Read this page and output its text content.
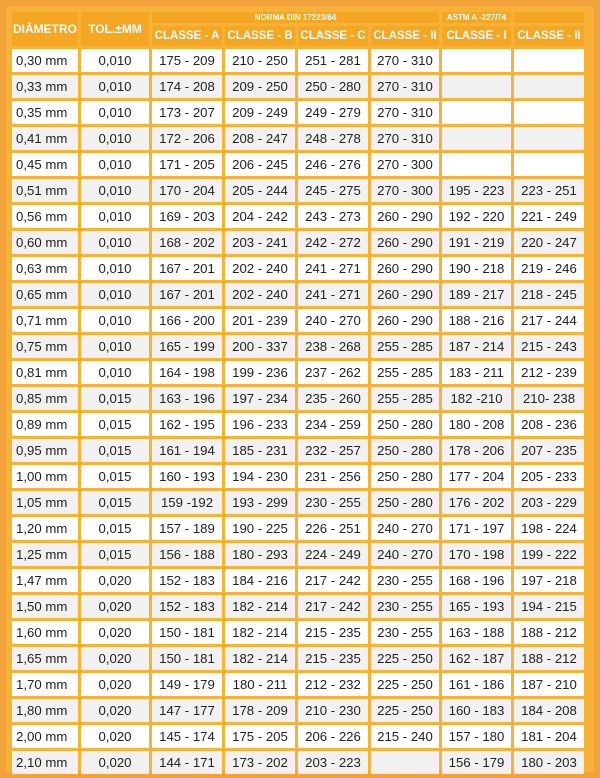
DIÂMETRO	TOL.±MM	NORMA DIN 17223/64				ASTM A -227/74	
		CLASSE - A	CLASSE - B	CLASSE - C	CLASSE - II	CLASSE - I	CLASSE - II
0,30 mm	0,010	175 - 209	210 - 250	251 - 281	270 - 310		
0,33 mm	0,010	174 - 208	209 - 250	250 - 280	270 - 310		
0,35 mm	0,010	173 - 207	209 - 249	249 - 279	270 - 310		
0,41 mm	0,010	172 - 206	208 - 247	248 - 278	270 - 310		
0,45 mm	0,010	171 - 205	206 - 245	246 - 276	270 - 300		
0,51 mm	0,010	170 - 204	205 - 244	245 - 275	270 - 300	195 - 223	223 - 251
0,56 mm	0,010	169 - 203	204 - 242	243 - 273	260 - 290	192 - 220	221 - 249
0,60 mm	0,010	168 - 202	203 - 241	242 - 272	260 - 290	191 - 219	220 - 247
0,63 mm	0,010	167 - 201	202 - 240	241 - 271	260 - 290	190 - 218	219 - 246
0,65 mm	0,010	167 - 201	202 - 240	241 - 271	260 - 290	189 - 217	218 - 245
0,71 mm	0,010	166 - 200	201 - 239	240 - 270	260 - 290	188 - 216	217 - 244
0,75 mm	0,010	165 - 199	200 - 337	238 - 268	255 - 285	187 - 214	215 - 243
0,81 mm	0,010	164 - 198	199 - 236	237 - 262	255 - 285	183 - 211	212 - 239
0,85 mm	0,015	163 - 196	197 - 234	235 - 260	255 - 285	182 -210	210- 238
0,89 mm	0,015	162 - 195	196 - 233	234 - 259	250 - 280	180 - 208	208 - 236
0,95 mm	0,015	161 - 194	185 - 231	232 - 257	250 - 280	178 - 206	207 - 235
1,00 mm	0,015	160 - 193	194 - 230	231 - 256	250 - 280	177 - 204	205 - 233
1,05 mm	0,015	159 -192	193 - 299	230 - 255	250 - 280	176 - 202	203 - 229
1,20 mm	0,015	157 - 189	190 - 225	226 - 251	240 - 270	171 - 197	198 - 224
1,25 mm	0,015	156 - 188	180 - 293	224 - 249	240 - 270	170 - 198	199 - 222
1,47 mm	0,020	152 - 183	184 - 216	217 - 242	230 - 255	168 - 196	197 - 218
1,50 mm	0,020	152 - 183	182 - 214	217 - 242	230 - 255	165 - 193	194 - 215
1,60 mm	0,020	150 - 181	182 - 214	215 - 235	230 - 255	163 - 188	188 - 212
1,65 mm	0,020	150 - 181	182 - 214	215 - 235	225 - 250	162 - 187	188 - 212
1,70 mm	0,020	149 - 179	180 - 211	212 - 232	225 - 250	161 - 186	187 - 210
1,80 mm	0,020	147 - 177	178 - 209	210 - 230	225 - 250	160 - 183	184 - 208
2,00 mm	0,020	145 - 174	175 - 205	206 - 226	215 - 240	157 - 180	181 - 204
2,10 mm	0,020	144 - 171	173 - 202	203 - 223		156 - 179	180 - 203
